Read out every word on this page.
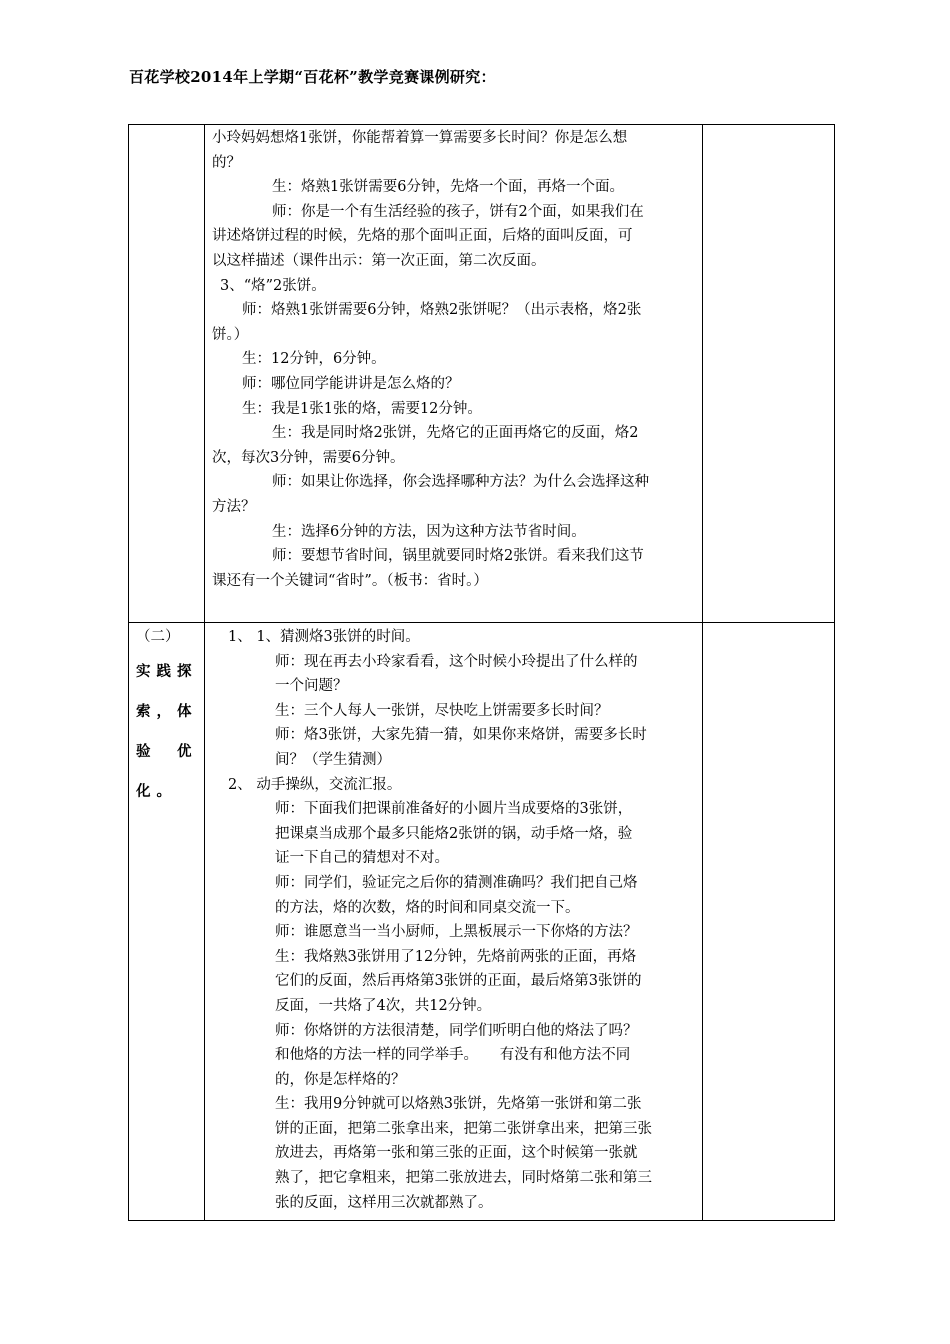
百花学校2014年上学期“百花杯”教学竞赛课例研究：

小玲妈妈想烙1张饼，你能帮着算一算需要多长时间？你是怎么想

的？

生：烙熟1张饼需要6分钟，先烙一个面，再烙一个面。

师：你是一个有生活经验的孩子，饼有2个面，如果我们在

讲述烙饼过程的时候，先烙的那个面叫正面，后烙的面叫反面，可

以这样描述（课件出示：第一次正面，第二次反面。

3、“烙”2张饼。

师：烙熟1张饼需要6分钟，烙熟2张饼呢？（出示表格，烙2张

饼。）

生：12分钟，6分钟。

师：哪位同学能讲讲是怎么烙的？

生：我是1张1张的烙，需要12分钟。

生：我是同时烙2张饼，先烙它的正面再烙它的反面，烙2

次，每次3分钟，需要6分钟。

师：如果让你选择，你会选择哪种方法？为什么会选择这种

方法？

生：选择6分钟的方法，因为这种方法节省时间。

师：要想节省时间，锅里就要同时烙2张饼。看来我们这节

课还有一个关键词“省时”。（板书：省时。）

（二）

实践探

索，体

验　优

化。

1、 1、猜测烙3张饼的时间。

师：现在再去小玲家看看，这个时候小玲提出了什么样的

一个问题？

生：三个人每人一张饼，尽快吃上饼需要多长时间？

师：烙3张饼，大家先猜一猜，如果你来烙饼，需要多长时

间？（学生猜测）

2、 动手操纵，交流汇报。

师：下面我们把课前准备好的小圆片当成要烙的3张饼，

把课桌当成那个最多只能烙2张饼的锅，动手烙一烙，验

证一下自己的猜想对不对。

师：同学们，验证完之后你的猜测准确吗？我们把自己烙

的方法，烙的次数，烙的时间和同桌交流一下。

师：谁愿意当一当小厨师，上黑板展示一下你烙的方法？

生：我烙熟3张饼用了12分钟，先烙前两张的正面，再烙

它们的反面，然后再烙第3张饼的正面，最后烙第3张饼的

反面，一共烙了4次，共12分钟。

师：你烙饼的方法很清楚，同学们听明白他的烙法了吗？

和他烙的方法一样的同学举手。　　有没有和他方法不同

的，你是怎样烙的？

生：我用9分钟就可以烙熟3张饼，先烙第一张饼和第二张

饼的正面，把第二张拿出来，把第二张饼拿出来，把第三张

放进去，再烙第一张和第三张的正面，这个时候第一张就

熟了，把它拿粗来，把第二张放进去，同时烙第二张和第三

张的反面，这样用三次就都熟了。
